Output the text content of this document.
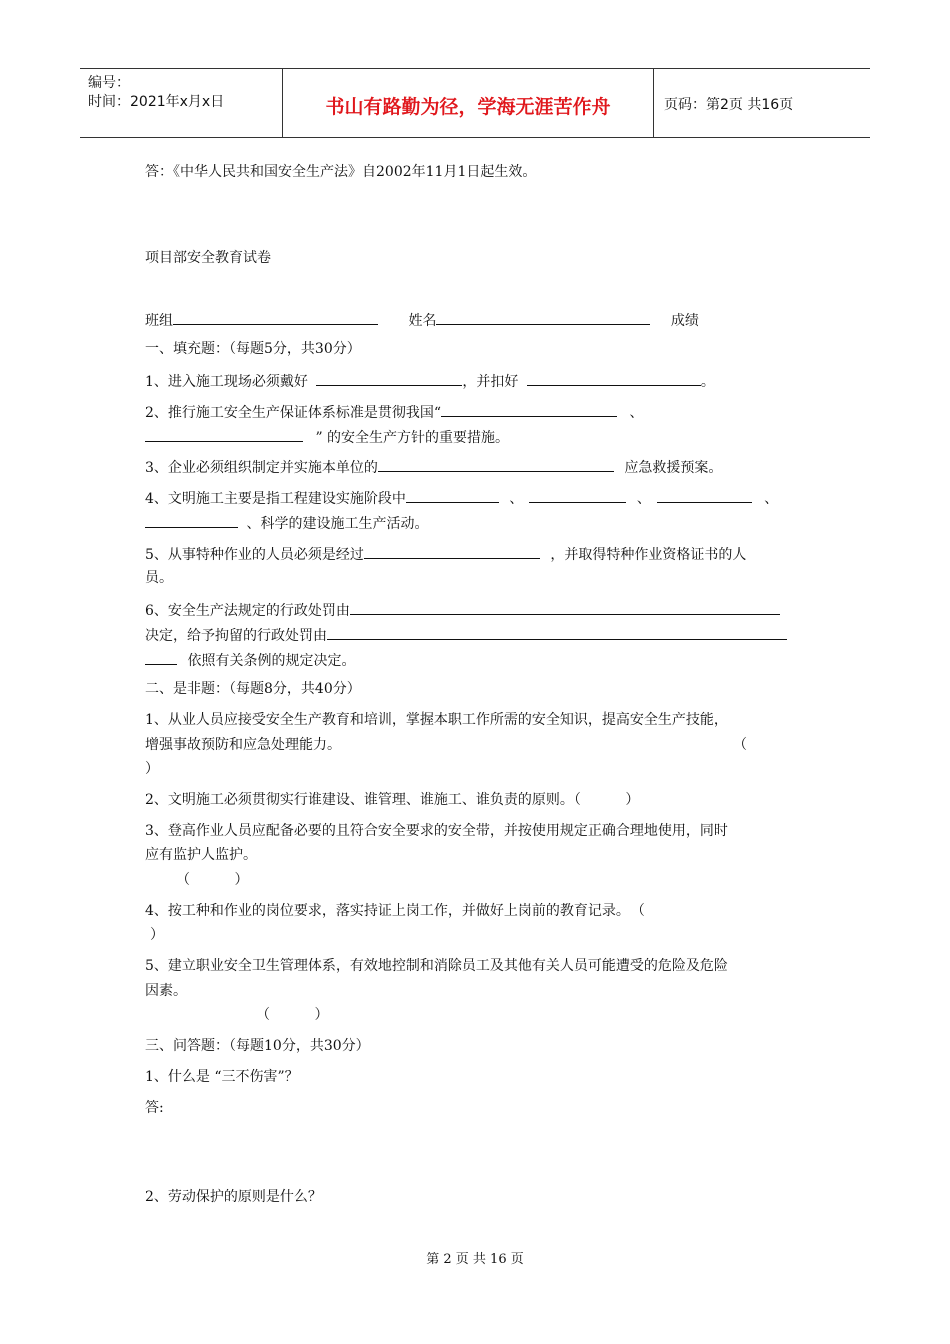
编号：
时间：2021年x月x日	书山有路勤为径，学海无涯苦作舟	页码：第2页 共16页
答：《中华人民共和国安全生产法》自2002年11月1日起生效。
项目部安全教育试卷
班组	姓名	成绩
一、填充题：（每题5分，共30分）
1、进入施工现场必须戴好	，并扣好	。
2、推行施工安全生产保证体系标准是贯彻我国“	、
” 的安全生产方针的重要措施。
3、企业必须组织制定并实施本单位的	应急救援预案。
4、文明施工主要是指工程建设实施阶段中	、	、	、
、科学的建设施工生产活动。
5、从事特种作业的人员必须是经过	，并取得特种作业资格证书的人
员。
6、安全生产法规定的行政处罚由
决定，给予拘留的行政处罚由
依照有关条例的规定决定。
二、是非题：（每题8分，共40分）
1、从业人员应接受安全生产教育和培训，掌握本职工作所需的安全知识，提高安全生产技能，
增强事故预防和应急处理能力。	（
）
2、文明施工必须贯彻实行谁建设、谁管理、谁施工、谁负责的原则。（          ）
3、登高作业人员应配备必要的且符合安全要求的安全带，并按使用规定正确合理地使用，同时
应有监护人监护。
（          ）
4、按工种和作业的岗位要求，落实持证上岗工作，并做好上岗前的教育记录。 （
）
5、建立职业安全卫生管理体系，有效地控制和消除员工及其他有关人员可能遭受的危险及危险
因素。
（          ）
三、问答题：（每题10分，共30分）
1、什么是 “三不伤害”？
答:
2、劳动保护的原则是什么？
第 2 页 共 16 页
